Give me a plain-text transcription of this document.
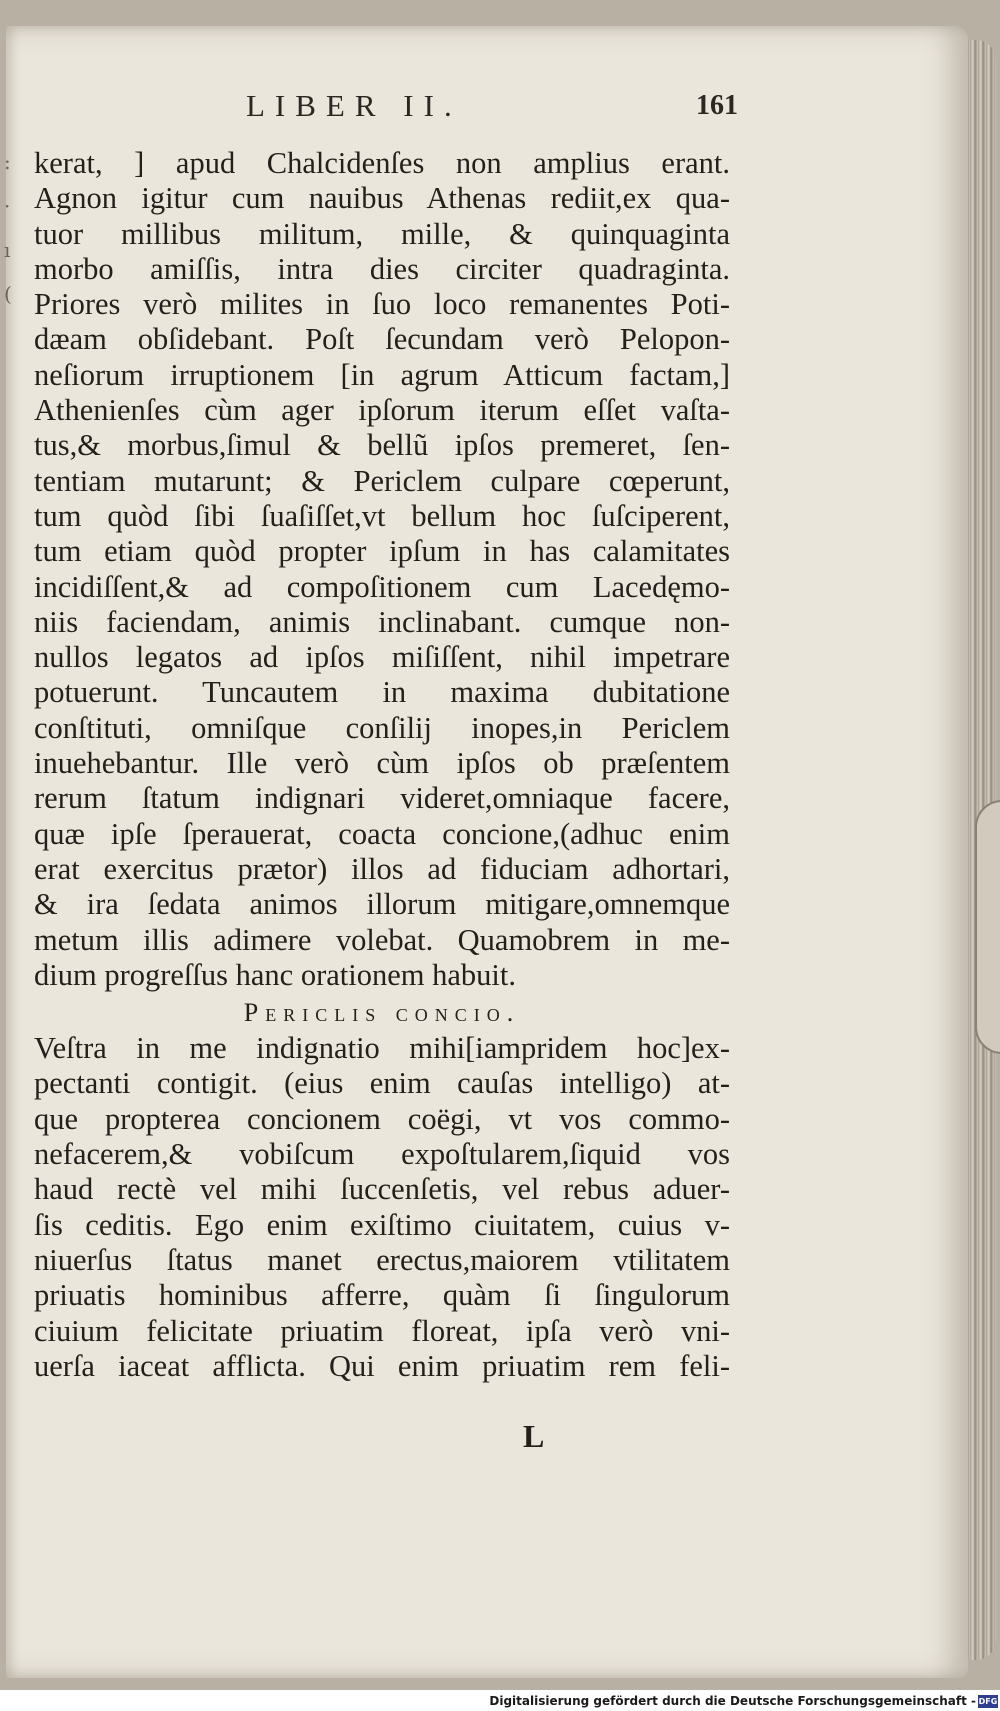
:
·
ı
(
LIBER II.	161
kerat, ] apud Chalcidenſes non amplius erant.
Agnon igitur cum nauibus Athenas rediit,ex qua-
tuor millibus militum, mille, & quinquaginta
morbo amiſſis, intra dies circiter quadraginta.
Priores verò milites in ſuo loco remanentes Poti-
dæam obſidebant. Poſt ſecundam verò Pelopon-
neſiorum irruptionem [in agrum Atticum factam,]
Athenienſes cùm ager ipſorum iterum eſſet vaſta-
tus,& morbus,ſimul & bellũ ipſos premeret, ſen-
tentiam mutarunt; & Periclem culpare cœperunt,
tum quòd ſibi ſuaſiſſet,vt bellum hoc ſuſciperent,
tum etiam quòd propter ipſum in has calamitates
incidiſſent,& ad compoſitionem cum Lacedęmo-
niis faciendam, animis inclinabant. cumque non-
nullos legatos ad ipſos miſiſſent, nihil impetrare
potuerunt. Tuncautem in maxima dubitatione
conſtituti, omniſque conſilij inopes,in Periclem
inuehebantur. Ille verò cùm ipſos ob præſentem
rerum ſtatum indignari videret,omniaque facere,
quæ ipſe ſperauerat, coacta concione,(adhuc enim
erat exercitus prætor) illos ad fiduciam adhortari,
& ira ſedata animos illorum mitigare,omnemque
metum illis adimere volebat. Quamobrem in me-
dium progreſſus hanc orationem habuit.
Periclis concio.
Veſtra in me indignatio mihi[iampridem hoc]ex-
pectanti contigit. (eius enim cauſas intelligo) at-
que propterea concionem coëgi, vt vos commo-
nefacerem,& vobiſcum expoſtularem,ſiquid vos
haud rectè vel mihi ſuccenſetis, vel rebus aduer-
ſis ceditis. Ego enim exiſtimo ciuitatem, cuius v-
niuerſus ſtatus manet erectus,maiorem vtilitatem
priuatis hominibus afferre, quàm ſi ſingulorum
ciuium felicitate priuatim floreat, ipſa verò vni-
uerſa iaceat afflicta. Qui enim priuatim rem feli-
L
Digitalisierung gefördert durch die Deutsche Forschungsgemeinschaft - DFG
